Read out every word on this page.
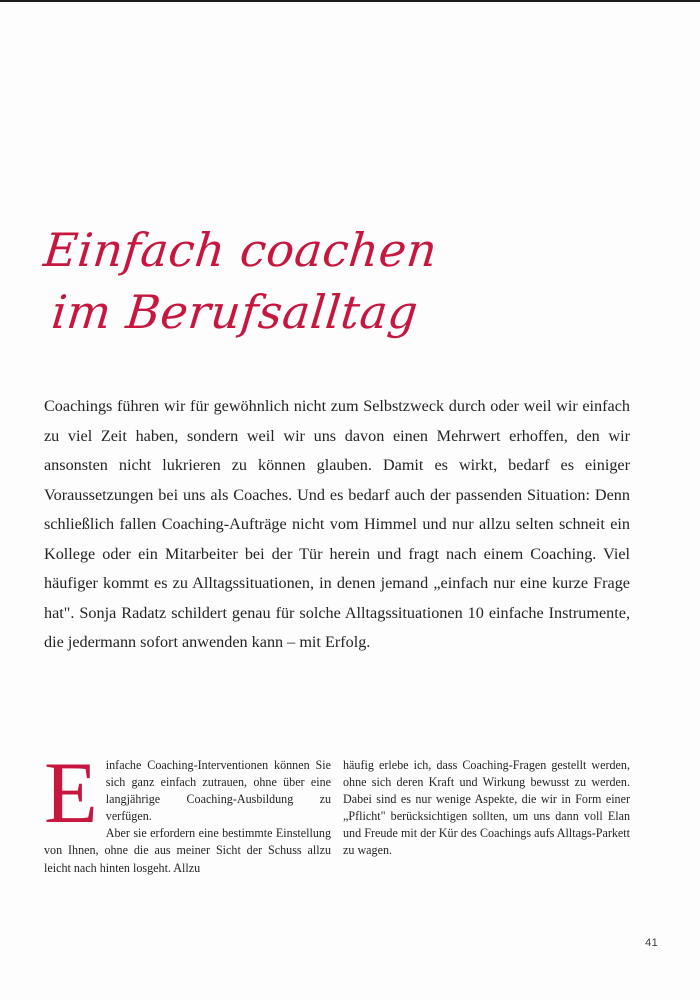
Einfach coachen
im Berufsalltag

Coachings führen wir für gewöhnlich nicht zum Selbstzweck durch oder weil wir einfach zu viel Zeit haben, sondern weil wir uns davon einen Mehrwert erhoffen, den wir ansonsten nicht lukrieren zu können glauben. Damit es wirkt, bedarf es einiger Voraussetzungen bei uns als Coaches. Und es bedarf auch der passenden Situation: Denn schließlich fallen Coaching-Aufträge nicht vom Himmel und nur allzu selten schneit ein Kollege oder ein Mitarbeiter bei der Tür herein und fragt nach einem Coaching. Viel häufiger kommt es zu Alltagssituationen, in denen jemand „einfach nur eine kurze Frage hat". Sonja Radatz schildert genau für solche Alltagssituationen 10 einfache Instrumente, die jedermann sofort anwenden kann – mit Erfolg.

Einfache Coaching-Interventionen können Sie sich ganz einfach zutrauen, ohne über eine langjährige Coaching-Ausbildung zu verfügen.

Aber sie erfordern eine bestimmte Einstellung von Ihnen, ohne die aus meiner Sicht der Schuss allzu leicht nach hinten losgeht. Allzu

häufig erlebe ich, dass Coaching-Fragen gestellt werden, ohne sich deren Kraft und Wirkung bewusst zu werden. Dabei sind es nur wenige Aspekte, die wir in Form einer „Pflicht" berücksichtigen sollten, um uns dann voll Elan und Freude mit der Kür des Coachings aufs Alltags-Parkett zu wagen.

41
